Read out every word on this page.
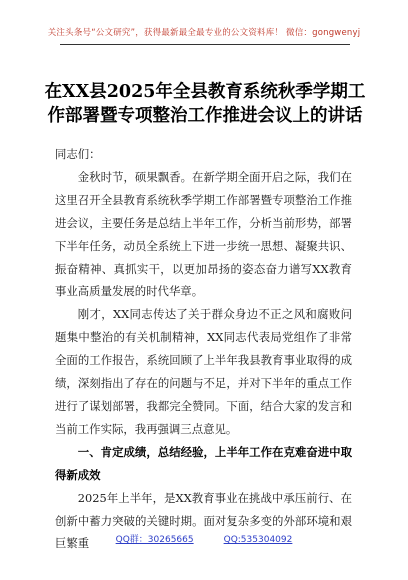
关注头条号“公文研究”，获得最新最全最专业的公文资料库！ 微信：gongwenyj
在XX县2025年全县教育系统秋季学期工作部署暨专项整治工作推进会议上的讲话

同志们：

金秋时节，硕果飘香。在新学期全面开启之际，我们在这里召开全县教育系统秋季学期工作部署暨专项整治工作推进会议，主要任务是总结上半年工作，分析当前形势，部署下半年任务，动员全系统上下进一步统一思想、凝聚共识、振奋精神、真抓实干，以更加昂扬的姿态奋力谱写XX教育事业高质量发展的时代华章。

刚才，XX同志传达了关于群众身边不正之风和腐败问题集中整治的有关机制精神，XX同志代表局党组作了非常全面的工作报告，系统回顾了上半年我县教育事业取得的成绩，深刻指出了存在的问题与不足，并对下半年的重点工作进行了谋划部署，我都完全赞同。下面，结合大家的发言和当前工作实际，我再强调三点意见。

一、肯定成绩，总结经验，上半年工作在克难奋进中取得新成效

2025年上半年，是XX教育事业在挑战中承压前行、在创新中蓄力突破的关键时期。面对复杂多变的外部环境和艰巨繁重	QQ群：30265665	QQ:535304092
